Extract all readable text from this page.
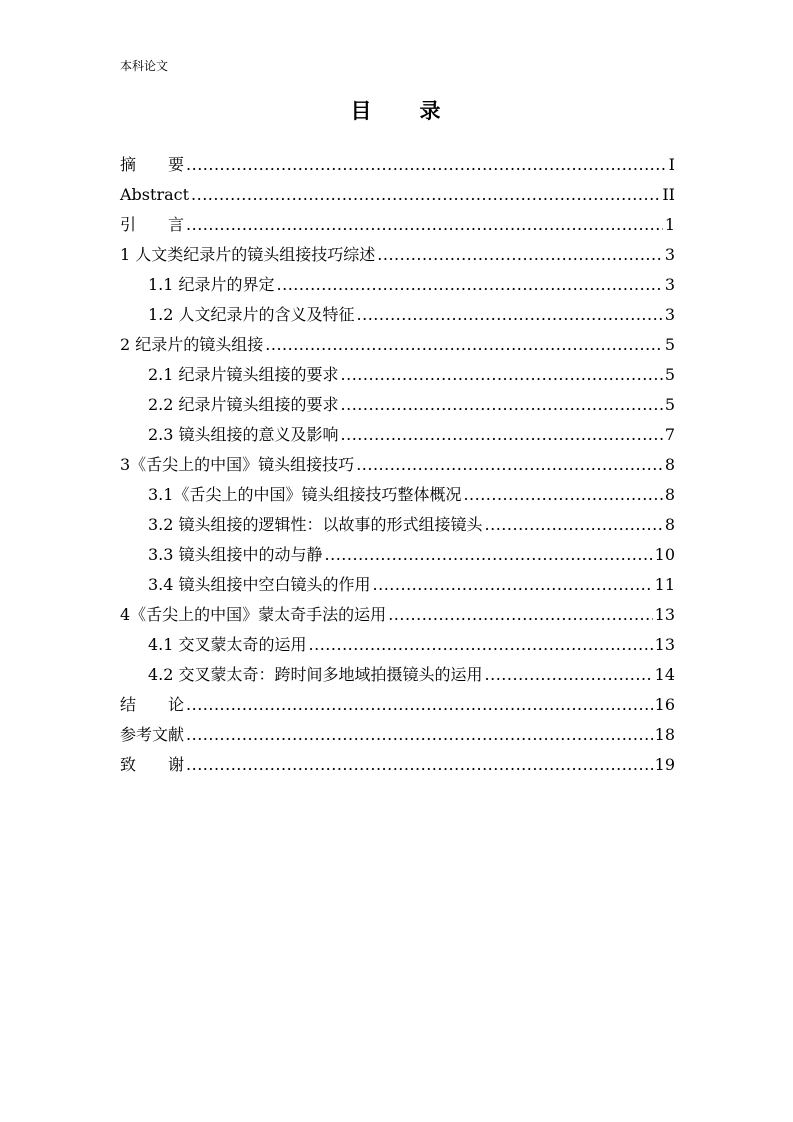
本科论文
目　　录
摘　　要 .....	I
Abstract .....	II
引　　言 .....	1
1 人文类纪录片的镜头组接技巧综述 .....	3
1.1 纪录片的界定 .....	3
1.2 人文纪录片的含义及特征 .....	3
2 纪录片的镜头组接 .....	5
2.1 纪录片镜头组接的要求 .....	5
2.2 纪录片镜头组接的要求 .....	5
2.3 镜头组接的意义及影响 .....	7
3《舌尖上的中国》镜头组接技巧 .....	8
3.1《舌尖上的中国》镜头组接技巧整体概况 .....	8
3.2 镜头组接的逻辑性：以故事的形式组接镜头 .....	8
3.3 镜头组接中的动与静 .....	10
3.4 镜头组接中空白镜头的作用 .....	11
4《舌尖上的中国》蒙太奇手法的运用 .....	13
4.1 交叉蒙太奇的运用 .....	13
4.2 交叉蒙太奇：跨时间多地域拍摄镜头的运用 .....	14
结　　论 .....	16
参考文献 .....	18
致　　谢 .....	19
